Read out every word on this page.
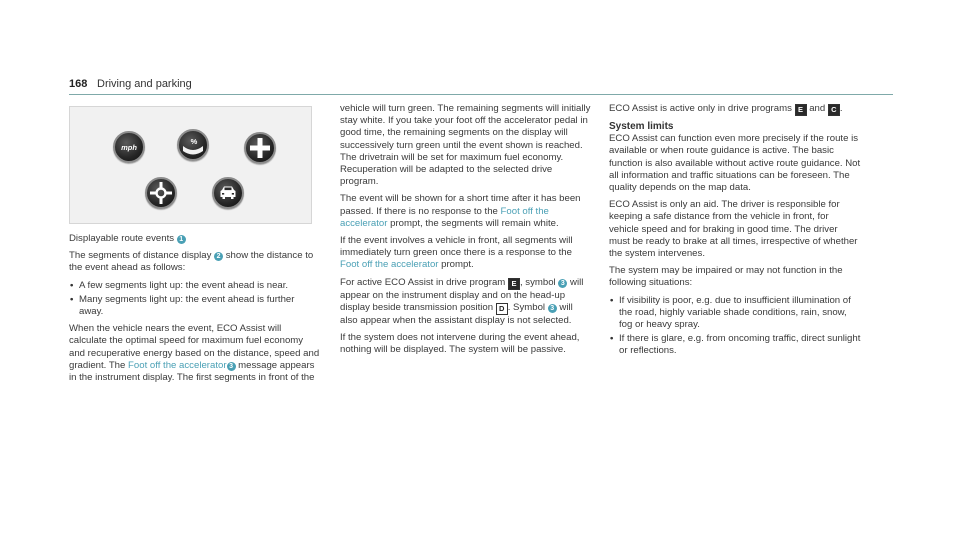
168 Driving and parking
mph
%

Displayable route events 1

The segments of distance display 2 show the distance to the event ahead as follows:

• A few segments light up: the event ahead is near.
• Many segments light up: the event ahead is further away.

When the vehicle nears the event, ECO Assist will calculate the optimal speed for maximum fuel economy and recuperative energy based on the distance, speed and gradient. The Foot off the accelerator 3 message appears in the instrument display. The first segments in front of the

vehicle will turn green. The remaining segments will initially stay white. If you take your foot off the accelerator pedal in good time, the remaining segments on the display will successively turn green until the event shown is reached. The drivetrain will be set for maximum fuel economy. Recuperation will be adapted to the selected drive program.

The event will be shown for a short time after it has been passed. If there is no response to the Foot off the accelerator prompt, the segments will remain white.

If the event involves a vehicle in front, all segments will immediately turn green once there is a response to the Foot off the accelerator prompt.

For active ECO Assist in drive program E , symbol 3 will appear on the instrument display and on the head-up display beside transmission position D . Symbol 3 will also appear when the assistant display is not selected.

If the system does not intervene during the event ahead, nothing will be displayed. The system will be passive.

ECO Assist is active only in drive programs E and C .

System limits

ECO Assist can function even more precisely if the route is available or when route guidance is active. The basic function is also available without active route guidance. Not all information and traffic situations can be foreseen. The quality depends on the map data.

ECO Assist is only an aid. The driver is responsible for keeping a safe distance from the vehicle in front, for vehicle speed and for braking in good time. The driver must be ready to brake at all times, irrespective of whether the system intervenes.

The system may be impaired or may not function in the following situations:

• If visibility is poor, e.g. due to insufficient illumination of the road, highly variable shade conditions, rain, snow, fog or heavy spray.
• If there is glare, e.g. from oncoming traffic, direct sunlight or reflections.
